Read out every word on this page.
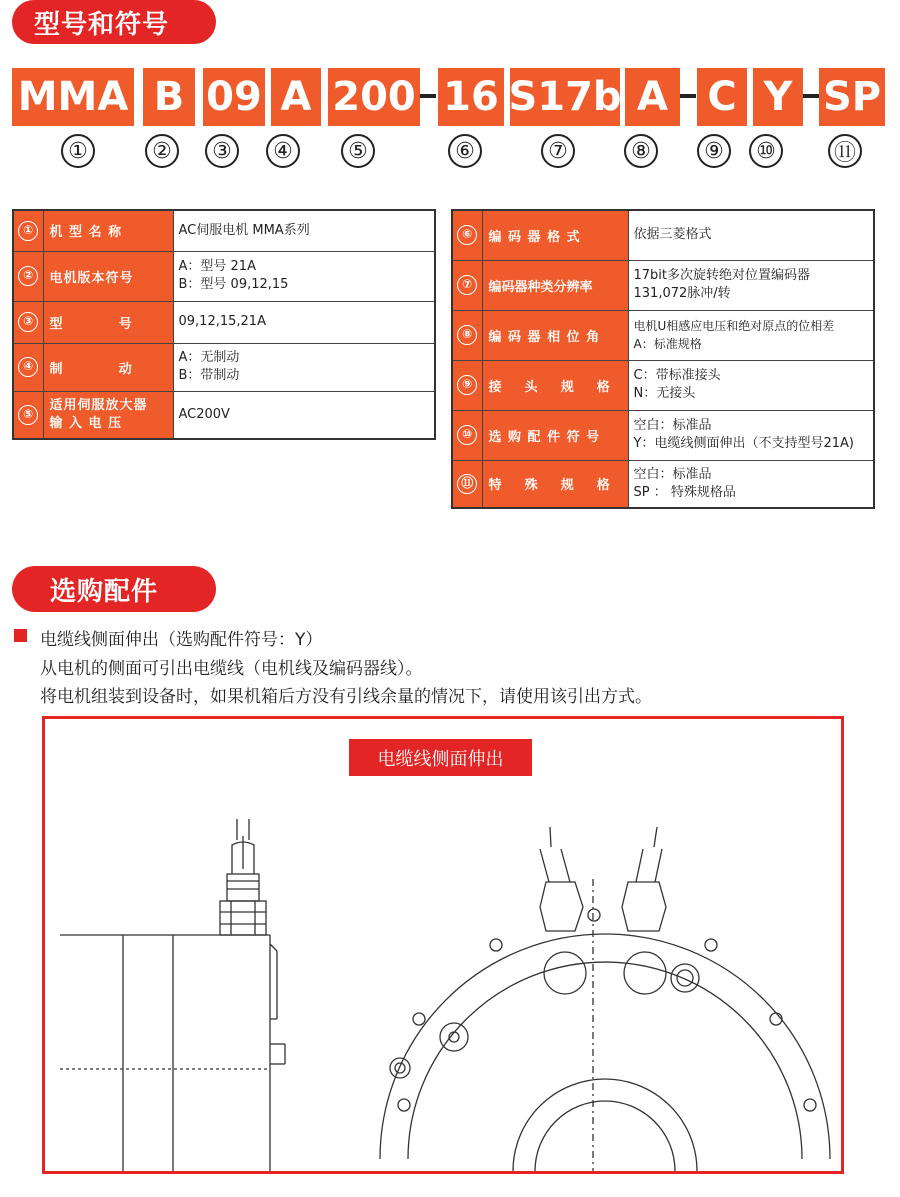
型号和符号
MMA B 09 A 200 16 S17b A C Y SP
①	②	③	④	⑤	⑥	⑦	⑧	⑨	⑩	⑪
①	机 型 名 称	AC伺服电机 MMA系列

②	电机版本符号	A：型号 21A
B：型号 09,12,15

③	型          号	09,12,15,21A

④	制          动	A：无制动
B：带制动

⑤	适用伺服放大器 输 入 电 压	AC200V
⑥	编 码 器 格 式	依据三菱格式

⑦	编码器种类分辨率	17bit多次旋转绝对位置编码器
131,072脉冲/转

⑧	编 码 器 相 位 角	电机U相感应电压和绝对原点的位相差
A：标准规格

⑨	接    头    规    格	C：带标准接头
N：无接头

⑩	选 购 配 件 符 号	空白：标准品
Y：电缆线侧面伸出（不支持型号21A)

⑪	特    殊    规    格	空白：标准品
SP ： 特殊规格品
选购配件
电缆线侧面伸出（选购配件符号：Y）
从电机的侧面可引出电缆线（电机线及编码器线）。
将电机组装到设备时，如果机箱后方没有引线余量的情况下，请使用该引出方式。
电缆线侧面伸出
